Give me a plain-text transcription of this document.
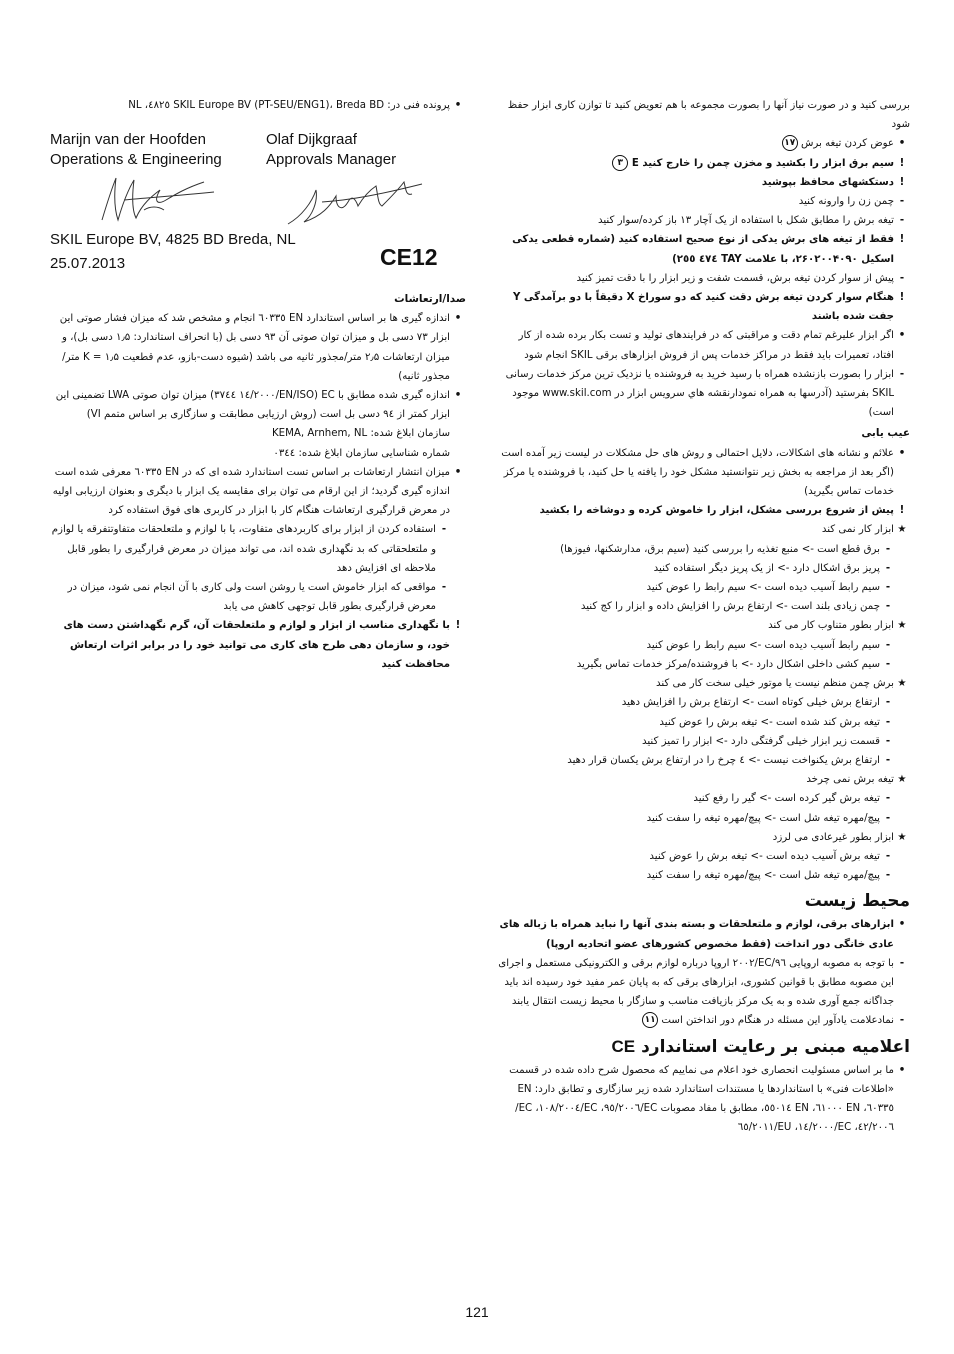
بررسی کنید و در صورت نیاز آنها را بصورت مجموعه با هم تعویض کنید تا توازن کاری ابزار حفظ شود
•
عوض کردن تیغه برش ۱۷
!
سیم برق ابزار را بکشید و مخزن چمن را خارج کنید E ۳
!
دستکشهای محافظ بپوشید
-
چمن زن را وارونه کنید
-
تیغه برش را مطابق شکل با استفاده از یک آچار ۱۳ باز کرده/سوار کنید
!
فقط از تیغه های برش یدکی از نوع صحیح استفاده کنید (شماره قطعی یدکی اسکیل ۲۶۰۲۰۰۴۰۹۰، با علامت TAY ٤٧٤ ٢٥٥)
-
پیش از سوار کردن تیغه برش، قسمت شفت و زیر ابزار را با دقت تمیز کنید
!
هنگام سوار کردن تیغه برش دقت کنید که دو سوراخ X دقیقاً با دو برآمدگی Y جفت شده باشند
•
اگر ابزار علیرغم تمام دقت و مراقبتی که در فرایندهای تولید و تست بکار برده شده از کار افتاد، تعمیرات باید فقط در مراکز خدمات پس از فروش ابزارهای برقی SKIL انجام شود
-
ابزار را بصورت بازنشده همراه با رسید خرید به فروشنده یا نزدیک ترین مرکز خدمات رسانی SKIL بفرستید (آدرسها به همراه نمودارنقشه هاي سرويس ابزار در www.skil.com موجود است)
عیب یابی
•
علائم و نشانه های اشکالات، دلایل احتمالی و روش های حل مشکلات در لیست زیر آمده است (اگر بعد از مراجعه به بخش زیر نتوانستید مشکل خود را یافته یا حل کنید، با فروشنده یا مرکز خدمات تماس بگیرید)
!
پیش از شروع بررسی مشکل، ابزار را خاموش کرده و دوشاخه را بکشید
★
ابزار کار نمی کند
-
برق قطع است -> منبع تغذیه را بررسی کنید (سیم برق، مدارشکنها، فیوزها)
-
پریز برق اشکال دارد -> از یک پریز دیگر استفاده کنید
-
سیم رابط آسیب دیده است -> سیم رابط را عوض کنید
-
چمن زیادی بلند است -> ارتفاع برش را افزایش داده و ابزار را کج کنید
★
ابزار بطور متناوب کار می کند
-
سیم رابط آسیب دیده است -> سیم رابط را عوض کنید
-
سیم کشی داخلی اشکال دارد -> با فروشنده/مرکز خدمات تماس بگیرید
★
برش چمن منظم نیست یا موتور خیلی سخت کار می کند
-
ارتفاع برش خیلی کوتاه است -> ارتفاع برش را افزایش دهید
-
تیغه برش کند شده است -> تیغه برش را عوض کنید
-
قسمت زیر ابزار خیلی گرفتگی دارد -> ابزار را تمیز کنید
-
ارتفاع برش یکنواخت نیست -> ٤ چرخ را در ارتفاع برش یکسان قرار دهید
★
تیغه برش نمی چرخد
-
تیغه برش گیر کرده است -> گیر را رفع کنید
-
پیچ/مهره تیغه شل است -> پیچ/مهره تیغه را سفت کنید
★
ابزار بطور غیرعادی می لرزد
-
تیغه برش آسیب دیده است -> تیغه برش را عوض کنید
-
پیچ/مهره تیغه شل است -> پیچ/مهره تیغه را سفت کنید
محیط زیست
•
ابزارهای برقی، لوازم و ملتعلحقات و بسته بندی آنها را نباید همراه با زباله های عادی خانگی دور انداخت (فقط مخصوص کشورهای عضو اتحادیه اروپا)
-
با توجه به مصوبه اروپایی EC/۹٦/۲۰۰۲ اروپا درباره لوازم برقی و الکترونیکی مستعمل و اجرای این مصوبه مطابق با قوانین کشوری، ابزارهای برقی که به پایان عمر مفید خود رسیده اند باید جداگانه جمع آوری شده و به یک مرکز بازیافت مناسب و سازگار با محیط زیست انتقال یابند
-
نمادعلامت یادآور این مسئله در هنگام دور انداختن است ۱۱
اعلامیه مبنی بر رعایت استاندارد CE
•
ما بر اساس مسئولیت انحصاری خود اعلام می نماییم که محصول شرح داده شده در قسمت «اطلاعات فنی» با استانداردها یا مستندات استاندارد شده زیر سازگاری و تطابق دارد: EN ٦٠٣٣٥، EN ٦١٠٠٠، EN ٥٥٠١٤، مطابق با مفاد مصوبات EC/٩٥/٢٠٠٦، EC/١٠٨/٢٠٠٤، EC/٤٢/٢٠٠٦، EC/١٤/٢٠٠٠، EU/٦٥/٢٠١١
•
پرونده فنی در: SKIL Europe BV (PT-SEU/ENG1)، Breda BD ٤٨٢٥، NL
Marijn van der Hoofden
Operations & Engineering
Olaf Dijkgraaf
Approvals Manager
SKIL Europe BV, 4825 BD Breda, NL
25.07.2013	CE12
صدا/ارتعاشات
•
اندازه گیری ها بر اساس استاندارد EN ٦٠٣٣٥ انجام و مشخص شد که میزان فشار صوتی این ابزار ۷۳ دسی بل و میزان توان صوتی آن ۹۳ دسی بل (با انحراف استاندارد: ۱٫۵ دسی بل)، و میزان ارتعاشات ۲٫۵ متر/مجذور ثانیه می باشد (شیوه دست-بازو، عدم قطعیت K = ۱٫۵ متر/مجذور ثانیه)
•
اندازه گیری شده مطابق با EC (EN/ISO/١٤/٢٠٠٠ ٣٧٤٤) میزان توان صوتی LWA تضمینی این ابزار کمتر از ۹٤ دسی بل است (روش ارزیابی مطابقت و سازگاری بر اساس متمم VI)
سازمان ابلاغ شده: KEMA, Arnhem, NL
شماره شناسایی سازمان ابلاغ شده: ۰۳٤٤
•
میزان انتشار ارتعاشات بر اساس تست استاندارد شده ای که در EN ٦٠٣٣٥ معرفی شده است اندازه گیری گردید؛ از این ارقام می توان برای مقایسه یک ابزار با دیگری و بعنوان ارزیابی اولیه در معرض قرارگیری ارتعاشات هنگام کار با ابزار در کاربری های فوق استفاده کرد
-
استفاده کردن از ابزار برای کاربردهای متفاوت، یا با لوازم و ملتعلحقات متفاوتتفرقه یا لوازم و ملتعلحقاتی که بد نگهداری شده اند، می تواند میزان در معرض قرارگیری را بطور قابل ملاحظه ای افزایش دهد
-
مواقعی که ابزار خاموش است یا روشن است ولی کاری با آن انجام نمی شود، میزان در معرض قرارگیری بطور قابل توجهی کاهش می یابد
!
با نگهداری مناسب از ابزار و لوازم و ملتعلحقات آن، گرم نگهداشتن دست های خود، و سازمان دهی طرح های کاری می توانید خود را در برابر اثرات ارتعاش محافظت کنید
121
